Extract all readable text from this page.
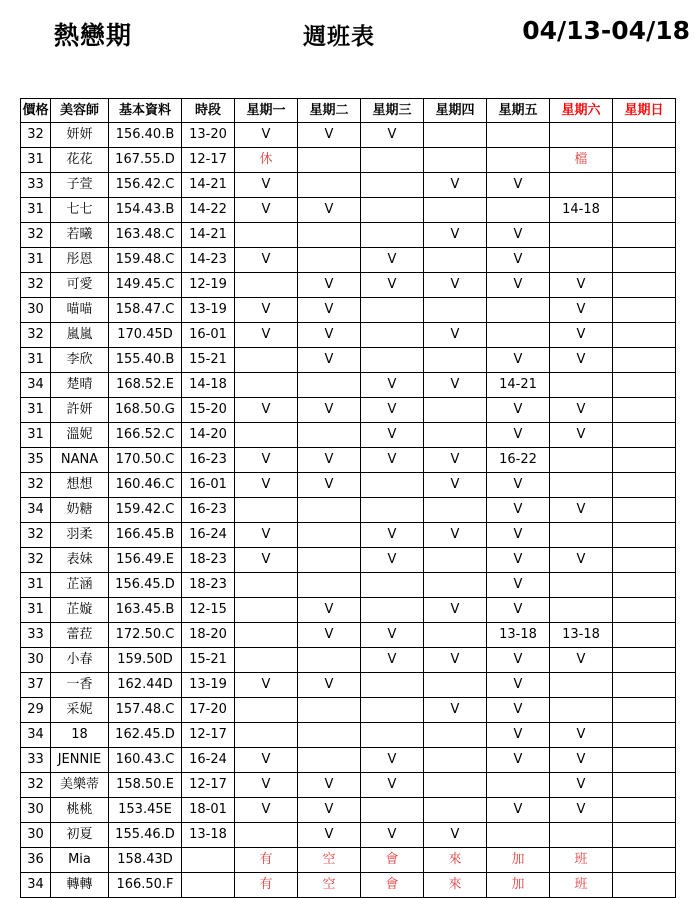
熱戀期	週班表	04/13-04/18
價格	美容師	基本資料	時段	星期一	星期二	星期三	星期四	星期五	星期六	星期日
32	妍妍	156.40.B	13-20	V	V	V				
31	花花	167.55.D	12-17	休					檔	
33	子萱	156.42.C	14-21	V			V	V		
31	七七	154.43.B	14-22	V	V				14-18	
32	若曦	163.48.C	14-21				V	V		
31	彤恩	159.48.C	14-23	V		V		V		
32	可愛	149.45.C	12-19		V	V	V	V	V	
30	喵喵	158.47.C	13-19	V	V				V	
32	嵐嵐	170.45D	16-01	V	V		V		V	
31	李欣	155.40.B	15-21		V			V	V	
34	楚晴	168.52.E	14-18			V	V	14-21		
31	許妍	168.50.G	15-20	V	V	V		V	V	
31	溫妮	166.52.C	14-20			V		V	V	
35	NANA	170.50.C	16-23	V	V	V	V	16-22		
32	想想	160.46.C	16-01	V	V		V	V		
34	奶糖	159.42.C	16-23					V	V	
32	羽柔	166.45.B	16-24	V		V	V	V		
32	表妹	156.49.E	18-23	V		V		V	V	
31	芷涵	156.45.D	18-23					V		
31	芷嫙	163.45.B	12-15		V		V	V		
33	蕾菈	172.50.C	18-20		V	V		13-18	13-18	
30	小春	159.50D	15-21			V	V	V	V	
37	一香	162.44D	13-19	V	V			V		
29	采妮	157.48.C	17-20				V	V		
34	18	162.45.D	12-17					V	V	
33	JENNIE	160.43.C	16-24	V		V		V	V	
32	美樂蒂	158.50.E	12-17	V	V	V			V	
30	桃桃	153.45E	18-01	V	V			V	V	
30	初夏	155.46.D	13-18		V	V	V			
36	Mia	158.43D		有	空	會	來	加	班	
34	轉轉	166.50.F		有	空	會	來	加	班	
